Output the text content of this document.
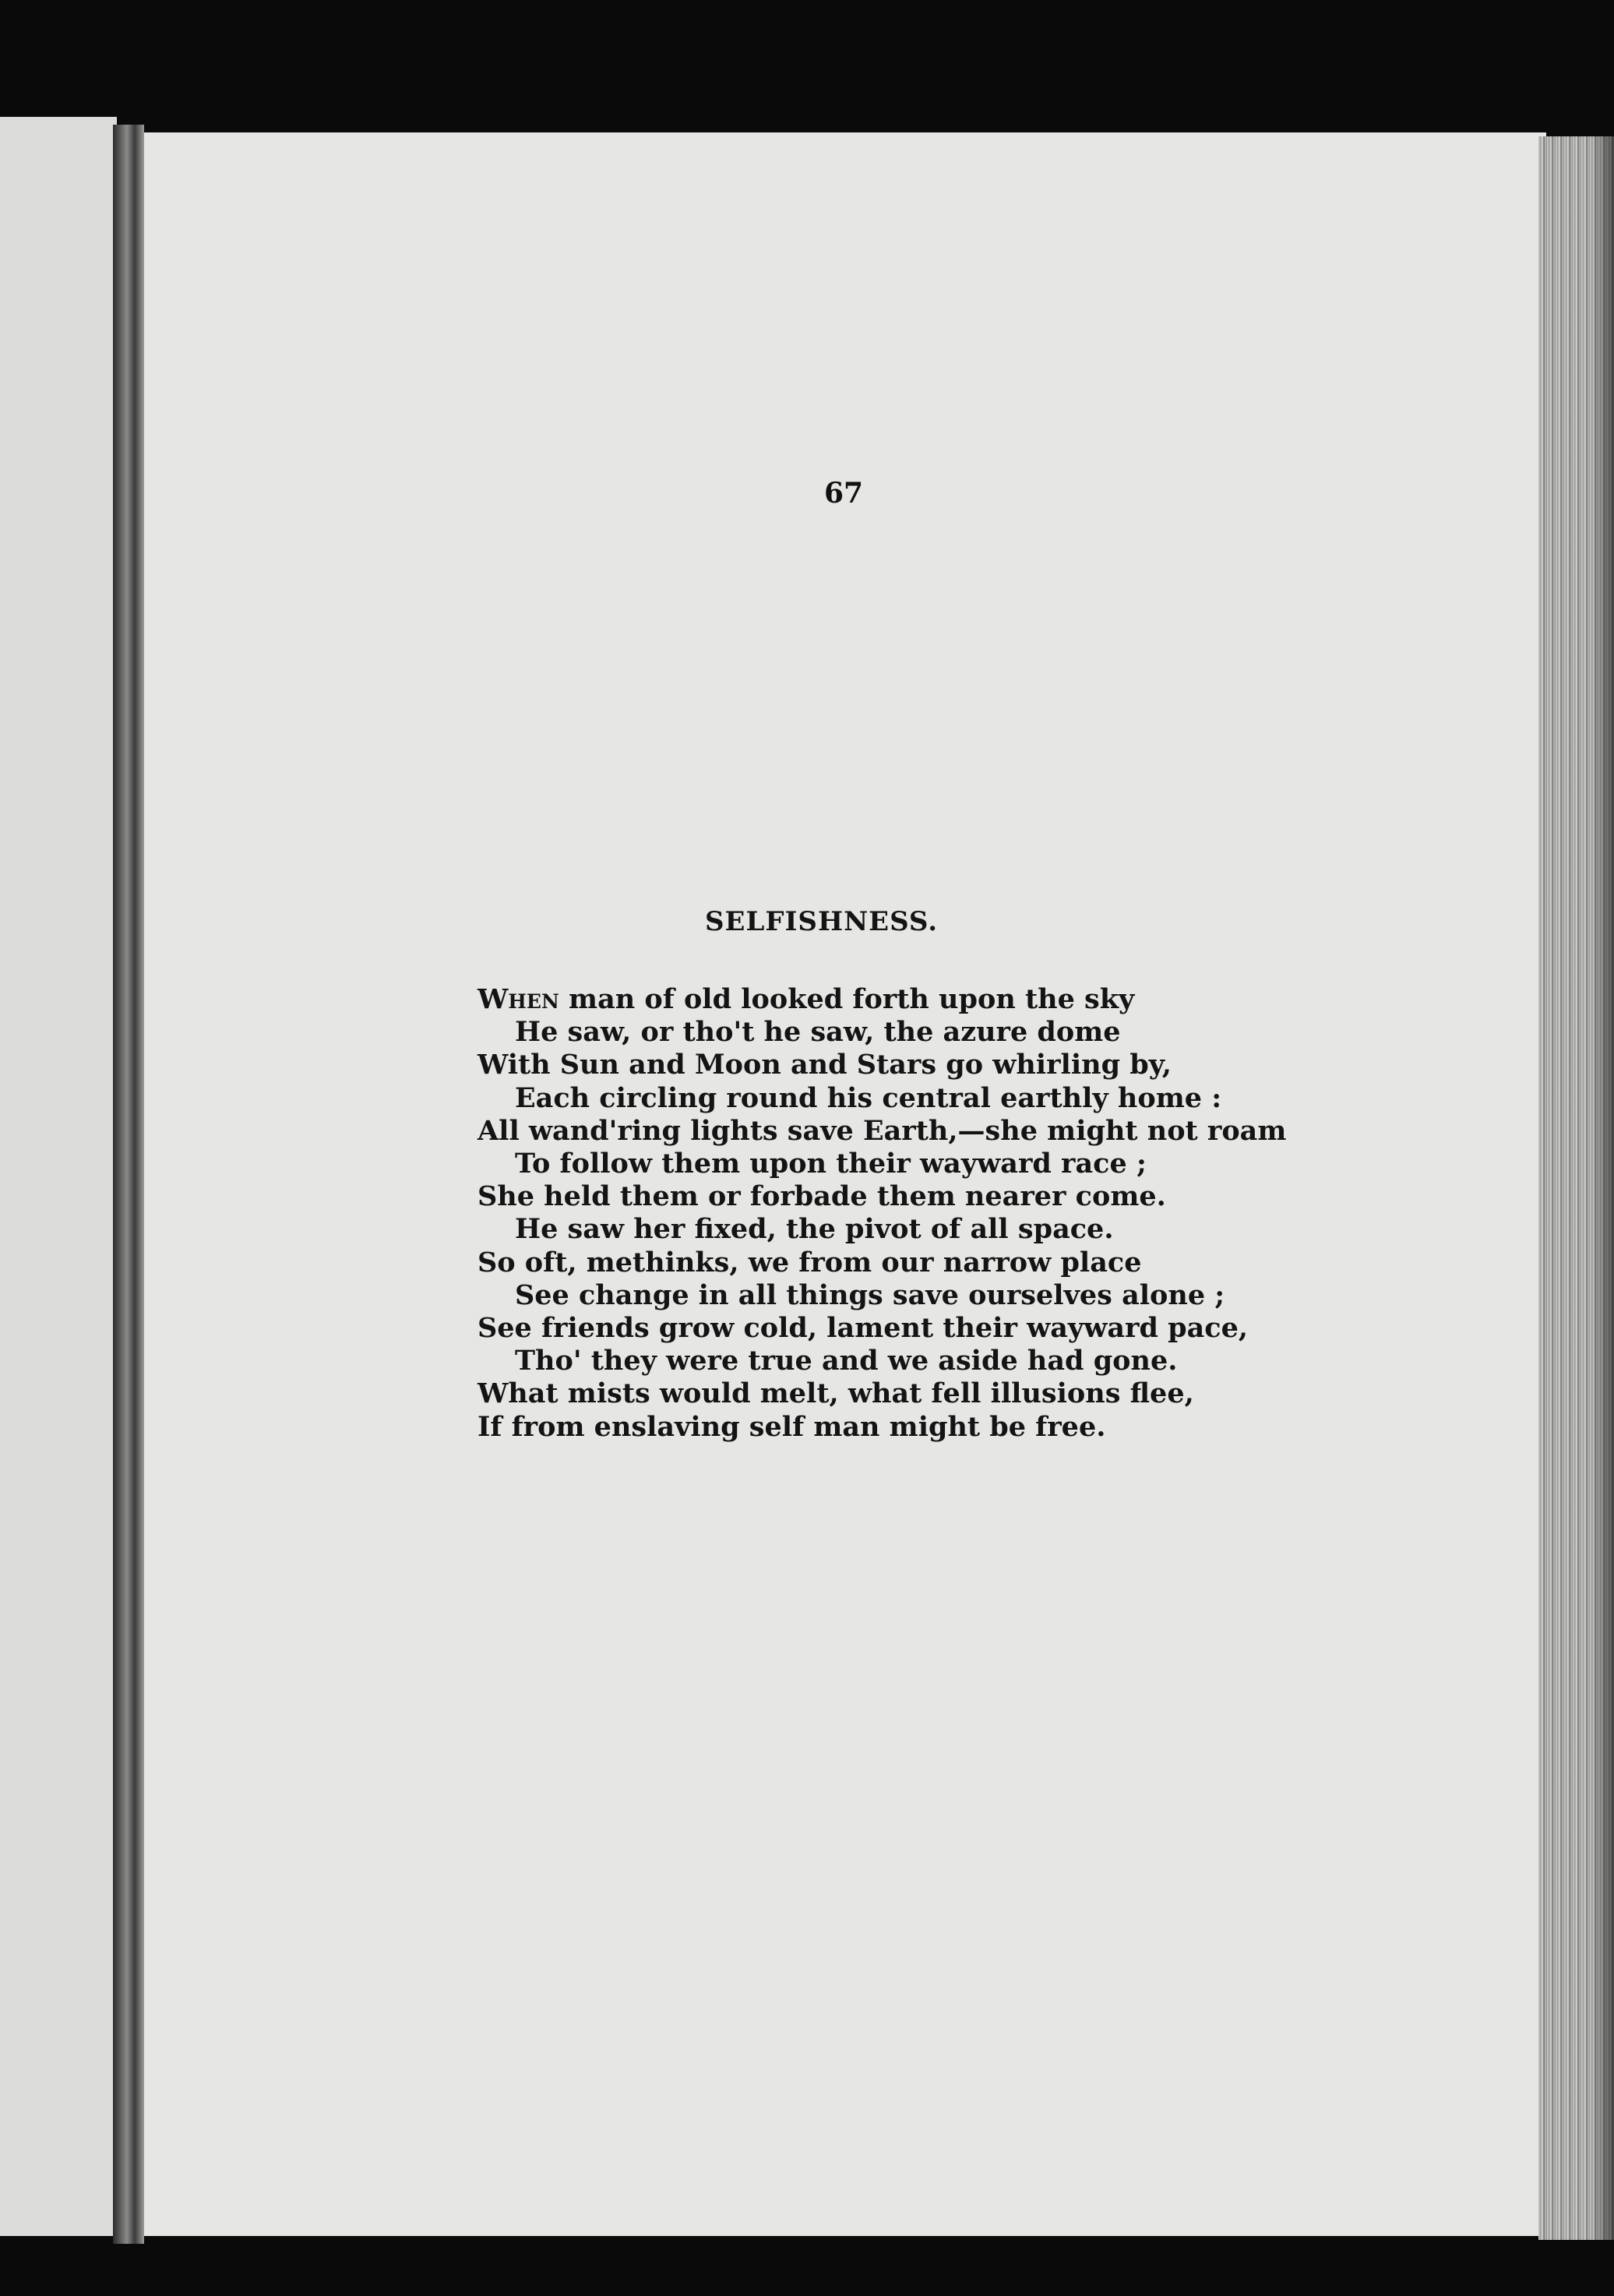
67
SELFISHNESS.
When man of old looked forth upon the sky
He saw, or tho't he saw, the azure dome
With Sun and Moon and Stars go whirling by,
Each circling round his central earthly home :
All wand'ring lights save Earth,—she might not roam
To follow them upon their wayward race ;
She held them or forbade them nearer come.
He saw her fixed, the pivot of all space.
So oft, methinks, we from our narrow place
See change in all things save ourselves alone ;
See friends grow cold, lament their wayward pace,
Tho' they were true and we aside had gone.
What mists would melt, what fell illusions flee,
If from enslaving self man might be free.
